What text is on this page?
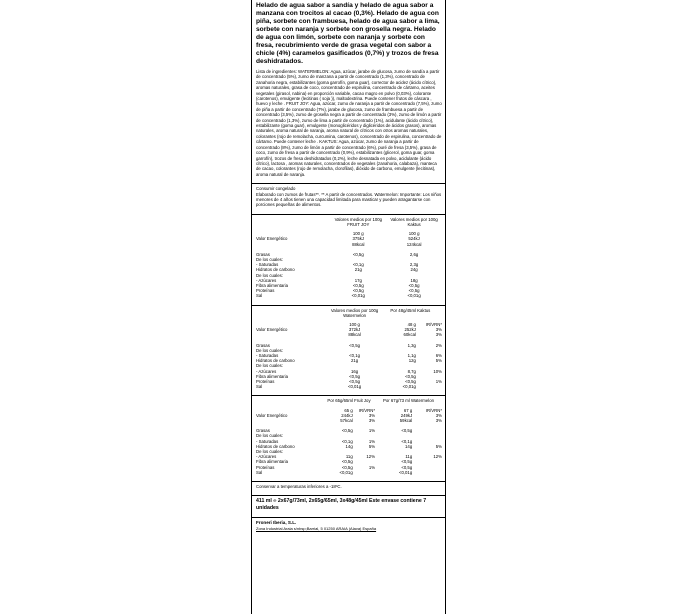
Helado de agua sabor a sandía y helado de agua sabor a manzana con trocitos al cacao (0,3%). Helado de agua con piña, sorbete con frambuesa, helado de agua sabor a lima, sorbete con naranja y sorbete con grosella negra. Helado de agua con limón, sorbete con naranja y sorbete con fresa, recubrimiento verde de grasa vegetal con sabor a chicle (4%) caramelos gasificados (0,7%) y trozos de fresa deshidratados.

Lista de ingredientes: WATERMELON: Agua, azúcar, jarabe de glucosa, zumo de sandía a partir de concentrado (5%), zumo de manzana a partir de concentrado (1,3%), concentrado de zanahoria negra, estabilizantes (goma garrofín, goma guar), corrector de acidez (ácido cítrico), aromas naturales, grasa de coco, concentrado de espirulina, concentrado de cártamo, aceites vegetales (girasol, nabina) en proporción variable, cacao magro en polvo (0,03%), colorante (carotenos), emulgente (lecitinas ( soja )), maltodextrina. Puede contener frutos de cáscara , huevo y leche . FRUIT JOY: Agua, azúcar, zumo de naranja a partir de concentrado (7,5%), zumo de piña a partir de concentrado (7%), jarabe de glucosa, zumo de frambuesa a partir de concentrado (3,5%), zumo de grosella negra a partir de concentrado (3%), zumo de limón a partir de concentrado (1,3%), zumo de lima a partir de concentrado (1%), acidulante (ácido cítrico), estabilizante (goma guar), emulgente (monoglicéridos y diglicéridos de ácidos grasos), aromas naturales, aroma natural de naranja, aroma natural de cítricos con otros aromas naturales, colorantes (rojo de remolacha, curcumina, carotenos), concentrado de espirulina, concentrado de cártamo. Puede contener leche . KAKTUS: Agua, azúcar, zumo de naranja a partir de concentrado (8%), zumo de limón a partir de concentrado (6%), puré de fresa (3,5%), grasa de coco, zumo de fresa a partir de concentrado (0,9%), estabilizantes (glicerol, goma guar, goma garrofín), trozos de fresa deshidratados (0,2%), leche desnatada en polvo, acidulante (ácido cítrico), lactosa , aromas naturales, concentrados de vegetales (zanahoria, calabaza), manteca de cacao, colorantes (rojo de remolacha, clorofilas), dióxido de carbono, emulgente (lecitinas), aroma natural de naranja.

Consumir congelado

Elaborado con zumos de frutas**. ** A partir de concentrados. Watermelon: Importante: Los niños menores de 4 años tienen una capacidad limitada para masticar y pueden atragantarse con porciones pequeñas de alimentos.

	Valores medios por 100g FRUIT JOY	Valores medios por 100g Kaktus
	100 g	100 g
Valor Energético	375kJ	524kJ
	88kcal	124kcal

Grasas	<0,5g	2,6g
De los cuales:		
- Saturadas	<0,1g	2,3g
Hidratos de carbono	21g	24g
De los cuales:		
- Azúcares	17g	18g
Fibra alimentaria	<0,5g	<0,5g
Proteínas	<0,5g	<0,5g
Sal	<0,01g	<0,01g
	Valores medios por 100g Watermelon	Por 48g/45ml Kaktus	
	100 g	48 g	IR/VRN*
Valor Energético	372kJ	252kJ	3%
	88kcal	60kcal	3%

Grasas	<0,5g	1,3g	2%
De los cuales:			
- Saturadas	<0,1g	1,1g	6%
Hidratos de carbono	21g	12g	5%
De los cuales:			
- Azúcares	16g	8,7g	10%
Fibra alimentaria	<0,5g	<0,5g	
Proteínas	<0,5g	<0,5g	1%
Sal	<0,01g	<0,01g	
	Por 65g/65ml Fruit Joy		Por 67g/73 ml Watermelon	
	65 g	IR/VRN*	67 g	IR/VRN*
Valor Energético	244kJ	3%	249kJ	3%
	57kcal	3%	59kcal	3%

Grasas	<0,5g	1%	<0,5g	
De los cuales:				
- Saturadas	<0,1g	1%	<0,1g	
Hidratos de carbono	14g	5%	14g	5%
De los cuales:				
- Azúcares	11g	12%	11g	12%
Fibra alimentaria	<0,5g		<0,5g	
Proteínas	<0,5g	1%	<0,5g	
Sal	<0,01g		<0,01g	

Conservar a temperaturas inferiores a -18ºC.

411 ml ℮ 2x67g/73ml, 2x65g/65ml, 3x48g/45ml Este envase contiene 7 unidades

Froneri Iberia, S.L.

Zona Industrial Araia s/nbsp;Barrial, 5 01250 ARAIA (Alava) España
